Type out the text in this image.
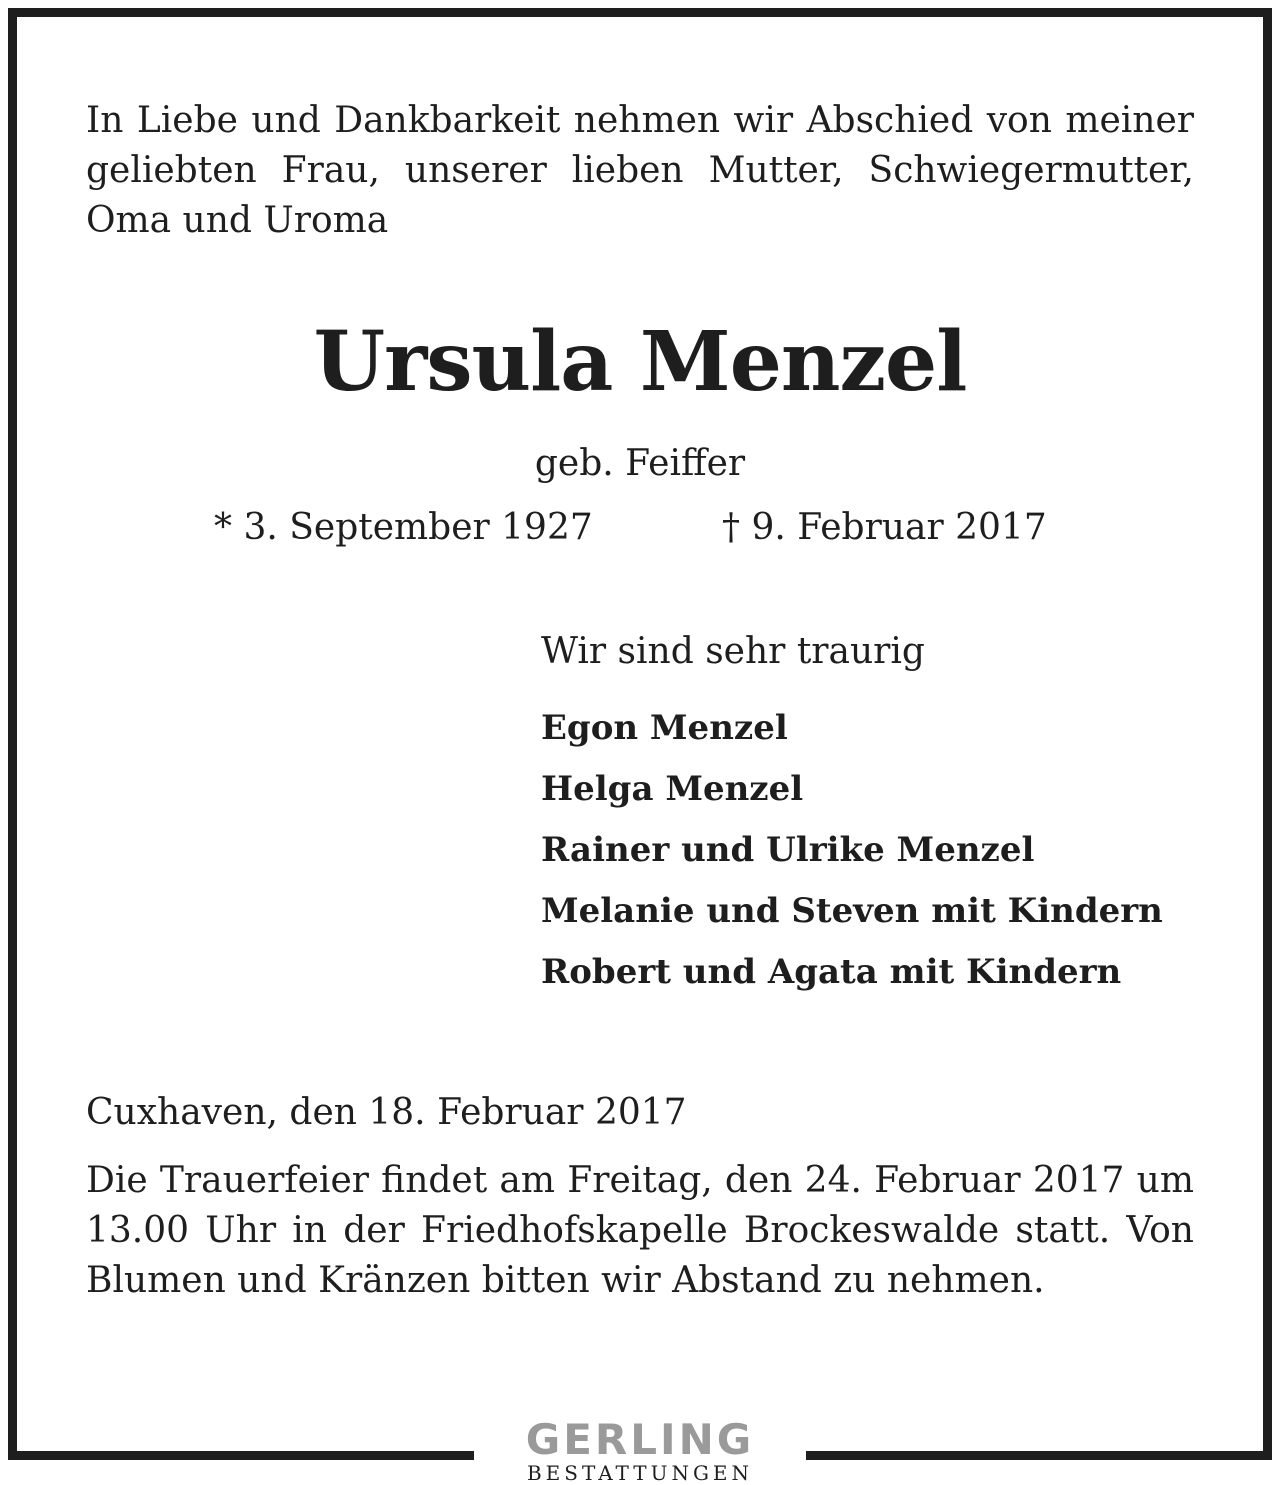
In Liebe und Dankbarkeit nehmen wir Abschied von meiner geliebten Frau, unserer lieben Mutter, Schwiegermutter, Oma und Uroma

Ursula Menzel
geb. Feiffer
* 3. September 1927	† 9. Februar 2017

Wir sind sehr traurig

Egon Menzel
Helga Menzel
Rainer und Ulrike Menzel
Melanie und Steven mit Kindern
Robert und Agata mit Kindern
Cuxhaven, den 18. Februar 2017

Die Trauerfeier findet am Freitag, den 24. Februar 2017 um 13.00 Uhr in der Friedhofskapelle Brockeswalde statt. Von Blumen und Kränzen bitten wir Abstand zu nehmen.

GERLING
BESTATTUNGEN
